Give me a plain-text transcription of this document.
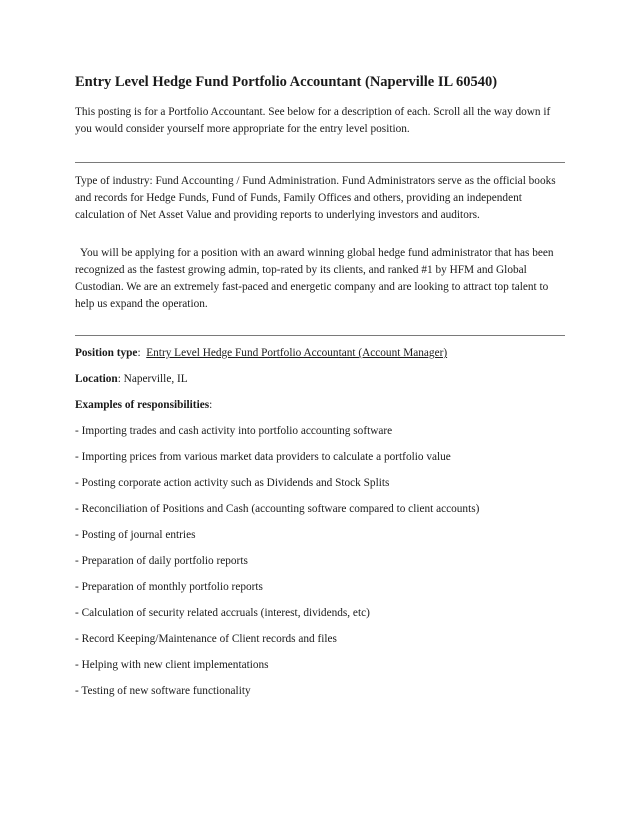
Entry Level Hedge Fund Portfolio Accountant (Naperville IL 60540)

This posting is for a Portfolio Accountant. See below for a description of each. Scroll all the way down if you would consider yourself more appropriate for the entry level position.

Type of industry: Fund Accounting / Fund Administration. Fund Administrators serve as the official books and records for Hedge Funds, Fund of Funds, Family Offices and others, providing an independent calculation of Net Asset Value and providing reports to underlying investors and auditors.

You will be applying for a position with an award winning global hedge fund administrator that has been recognized as the fastest growing admin, top-rated by its clients, and ranked #1 by HFM and Global Custodian. We are an extremely fast-paced and energetic company and are looking to attract top talent to help us expand the operation.

Position type:  Entry Level Hedge Fund Portfolio Accountant (Account Manager)
Location: Naperville, IL
Examples of responsibilities:

- Importing trades and cash activity into portfolio accounting software

- Importing prices from various market data providers to calculate a portfolio value

- Posting corporate action activity such as Dividends and Stock Splits

- Reconciliation of Positions and Cash (accounting software compared to client accounts)

- Posting of journal entries

- Preparation of daily portfolio reports

- Preparation of monthly portfolio reports

- Calculation of security related accruals (interest, dividends, etc)

- Record Keeping/Maintenance of Client records and files

- Helping with new client implementations

- Testing of new software functionality
